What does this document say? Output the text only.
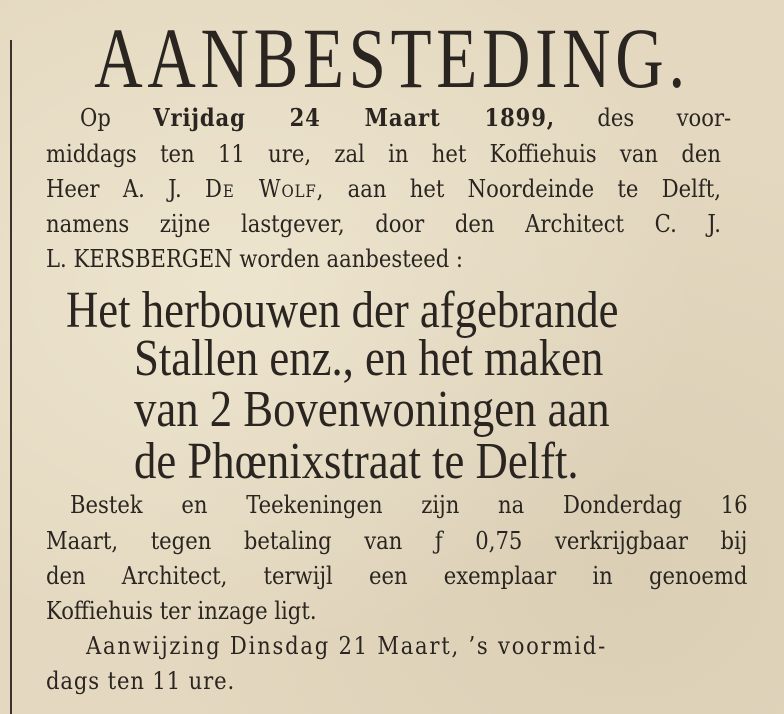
AANBESTEDING.
Op Vrijdag 24 Maart 1899, des voor-
middags ten 11 ure, zal in het Koffiehuis van den
Heer A. J. De Wolf, aan het Noordeinde te Delft,
namens zijne lastgever, door den Architect C. J.
L. KERSBERGEN worden aanbesteed :
Het herbouwen der afgebrande
Stallen enz., en het maken
van 2 Bovenwoningen aan
de Phœnixstraat te Delft.
Bestek en Teekeningen zijn na Donderdag 16
Maart, tegen betaling van ƒ 0,75 verkrijgbaar bij
den Architect, terwijl een exemplaar in genoemd
Koffiehuis ter inzage ligt.
Aanwijzing Dinsdag 21 Maart, ’s voormid-
dags ten 11 ure.
